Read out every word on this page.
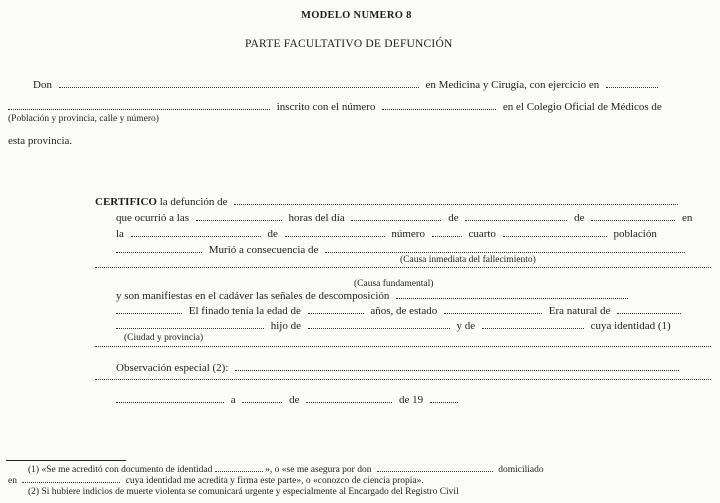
MODELO NUMERO 8
PARTE FACULTATIVO DE DEFUNCIÓN
Don	en Medicina y Cirugía, con ejercicio en
inscrito con el número	en el Colegio Oficial de Médicos de
(Población y provincia, calle y número)
esta provincia.
CERTIFICO la defunción de
que ocurrió a las	horas del día	de	de	en
la	de	número	cuarto	población
Murió a consecuencia de
(Causa inmediata del fallecimiento)
(Causa fundamental)
y son manifiestas en el cadáver las señales de descomposición
El finado tenía la edad de	años, de estado	Era natural de
hijo de	y de	cuya identidad (1)
(Ciudad y provincia)
Observación especial (2):
a	de	de 19
(1) «Se me acreditó con documento de identidad	», o «se me asegura por don	domiciliado
en	cuya identidad me acredita y firma este parte», o «conozco de ciencia propia».
(2) Si hubiere indicios de muerte violenta se comunicará urgente y especialmente al Encargado del Registro Civil
